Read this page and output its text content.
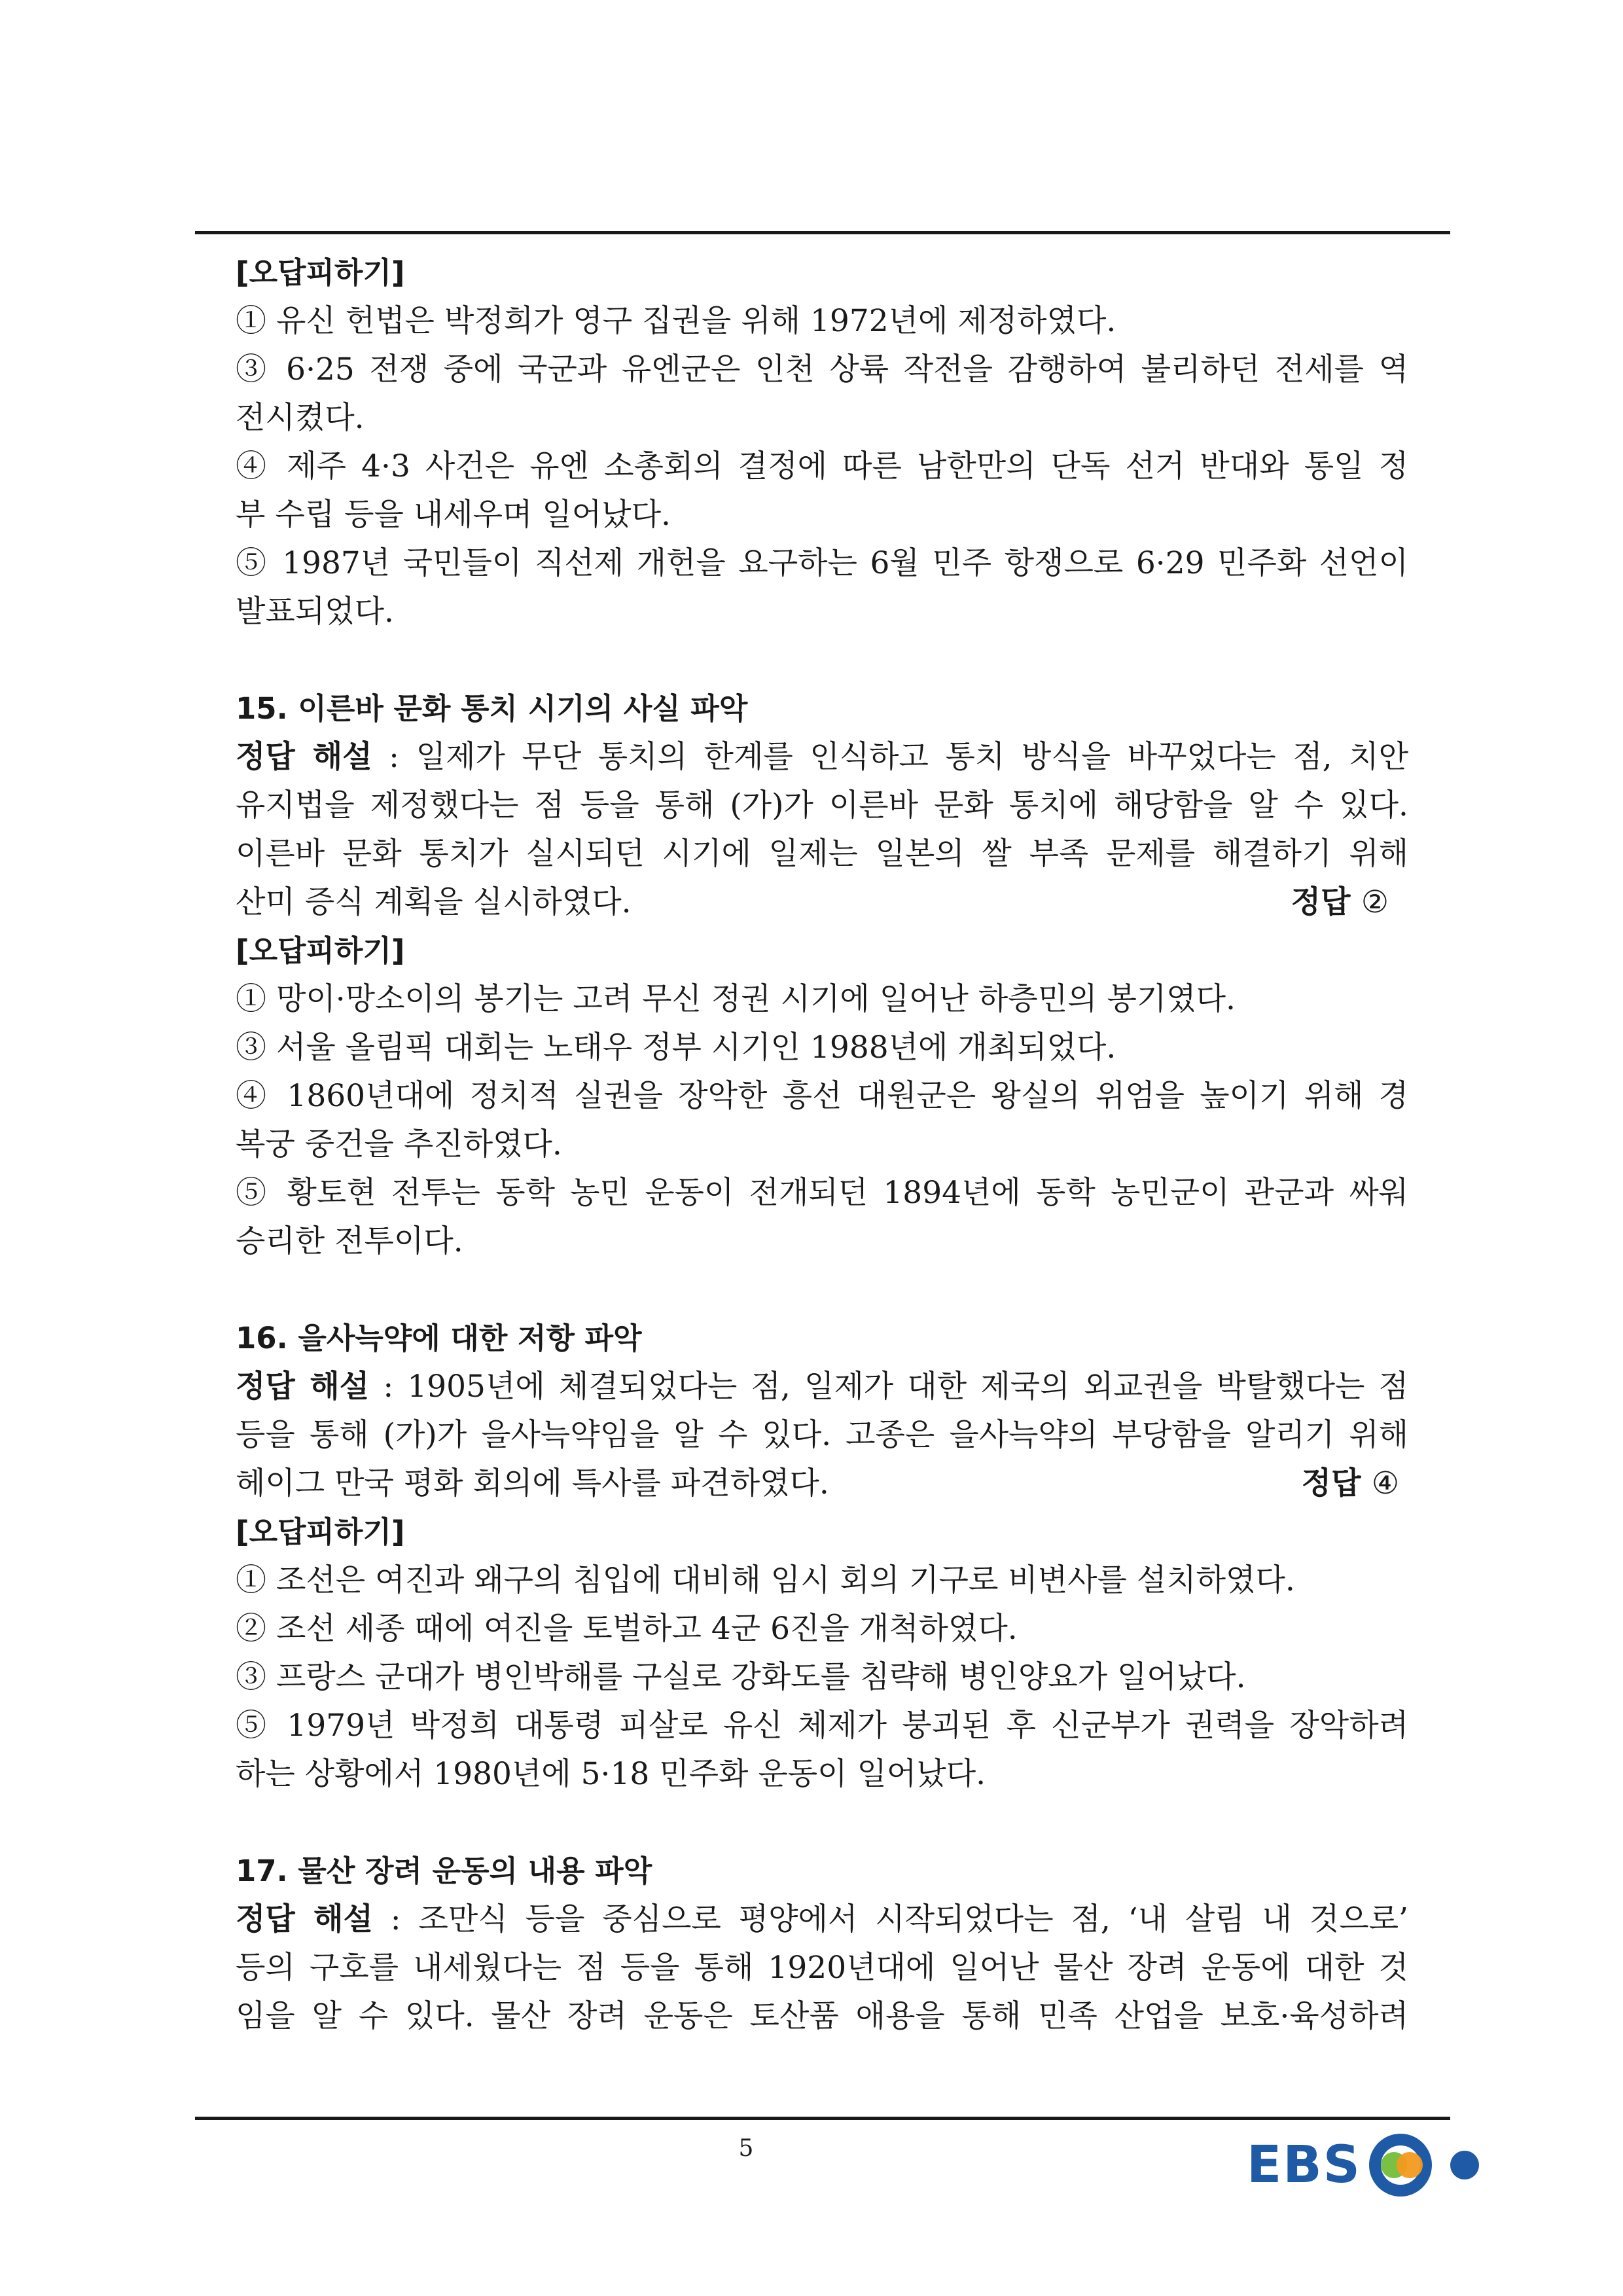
[오답피하기]
① 유신 헌법은 박정희가 영구 집권을 위해 1972년에 제정하였다.
③ 6·25 전쟁 중에 국군과 유엔군은 인천 상륙 작전을 감행하여 불리하던 전세를 역
전시켰다.
④ 제주 4·3 사건은 유엔 소총회의 결정에 따른 남한만의 단독 선거 반대와 통일 정
부 수립 등을 내세우며 일어났다.
⑤ 1987년 국민들이 직선제 개헌을 요구하는 6월 민주 항쟁으로 6·29 민주화 선언이
발표되었다.
15. 이른바 문화 통치 시기의 사실 파악
정답 해설 : 일제가 무단 통치의 한계를 인식하고 통치 방식을 바꾸었다는 점, 치안
유지법을 제정했다는 점 등을 통해 (가)가 이른바 문화 통치에 해당함을 알 수 있다.
이른바 문화 통치가 실시되던 시기에 일제는 일본의 쌀 부족 문제를 해결하기 위해
산미 증식 계획을 실시하였다.	정답 ②
[오답피하기]
① 망이·망소이의 봉기는 고려 무신 정권 시기에 일어난 하층민의 봉기였다.
③ 서울 올림픽 대회는 노태우 정부 시기인 1988년에 개최되었다.
④ 1860년대에 정치적 실권을 장악한 흥선 대원군은 왕실의 위엄을 높이기 위해 경
복궁 중건을 추진하였다.
⑤ 황토현 전투는 동학 농민 운동이 전개되던 1894년에 동학 농민군이 관군과 싸워
승리한 전투이다.
16. 을사늑약에 대한 저항 파악
정답 해설 : 1905년에 체결되었다는 점, 일제가 대한 제국의 외교권을 박탈했다는 점
등을 통해 (가)가 을사늑약임을 알 수 있다. 고종은 을사늑약의 부당함을 알리기 위해
헤이그 만국 평화 회의에 특사를 파견하였다.	정답 ④
[오답피하기]
① 조선은 여진과 왜구의 침입에 대비해 임시 회의 기구로 비변사를 설치하였다.
② 조선 세종 때에 여진을 토벌하고 4군 6진을 개척하였다.
③ 프랑스 군대가 병인박해를 구실로 강화도를 침략해 병인양요가 일어났다.
⑤ 1979년 박정희 대통령 피살로 유신 체제가 붕괴된 후 신군부가 권력을 장악하려
하는 상황에서 1980년에 5·18 민주화 운동이 일어났다.
17. 물산 장려 운동의 내용 파악
정답 해설 : 조만식 등을 중심으로 평양에서 시작되었다는 점, ‘내 살림 내 것으로’
등의 구호를 내세웠다는 점 등을 통해 1920년대에 일어난 물산 장려 운동에 대한 것
임을 알 수 있다. 물산 장려 운동은 토산품 애용을 통해 민족 산업을 보호·육성하려
5	EBS
